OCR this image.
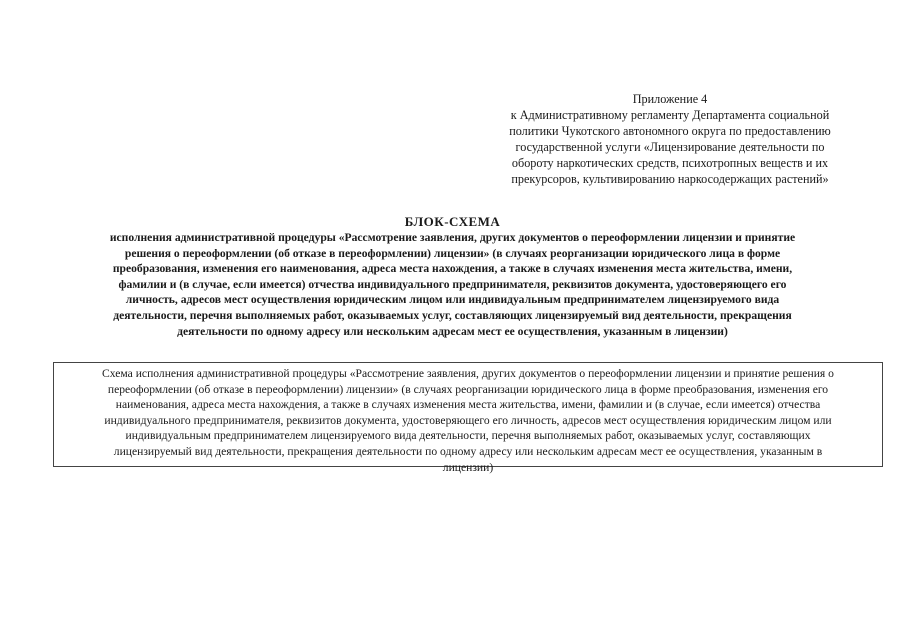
Приложение 4
к Административному регламенту Департамента социальной
политики Чукотского автономного округа по предоставлению
государственной услуги «Лицензирование деятельности по
обороту наркотических средств, психотропных веществ и их
прекурсоров, культивированию наркосодержащих растений»
БЛОК-СХЕМА
исполнения административной процедуры «Рассмотрение заявления, других документов о переоформлении лицензии и принятие
решения о переоформлении (об отказе в переоформлении) лицензии» (в случаях реорганизации юридического лица в форме
преобразования, изменения его наименования, адреса места нахождения, а также в случаях изменения места жительства, имени,
фамилии и (в случае, если имеется) отчества индивидуального предпринимателя, реквизитов документа, удостоверяющего его
личность, адресов мест осуществления юридическим лицом или индивидуальным предпринимателем лицензируемого вида
деятельности, перечня выполняемых работ, оказываемых услуг, составляющих лицензируемый вид деятельности, прекращения
деятельности по одному адресу или нескольким адресам мест ее осуществления, указанным в лицензии)
Схема исполнения административной процедуры «Рассмотрение заявления, других документов о переоформлении лицензии и принятие решения о
переоформлении (об отказе в переоформлении) лицензии» (в случаях реорганизации юридического лица в форме преобразования, изменения его
наименования, адреса места нахождения, а также в случаях изменения места жительства, имени, фамилии и (в случае, если имеется) отчества
индивидуального предпринимателя, реквизитов документа, удостоверяющего его личность, адресов мест осуществления юридическим лицом или
индивидуальным предпринимателем лицензируемого вида деятельности, перечня выполняемых работ, оказываемых услуг, составляющих
лицензируемый вид деятельности, прекращения деятельности по одному адресу или нескольким адресам мест ее осуществления, указанным в
лицензии)
